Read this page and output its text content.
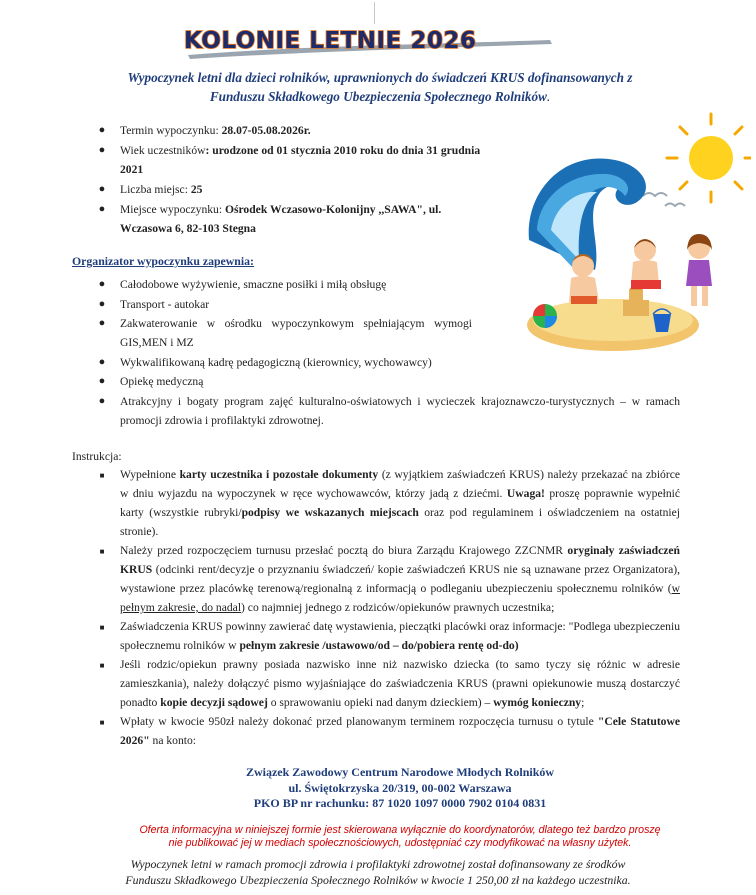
KOLONIE LETNIE 2026
Wypoczynek letni dla dzieci rolników, uprawnionych do świadczeń KRUS dofinansowanych z
Funduszu Składkowego Ubezpieczenia Społecznego Rolników.
● Termin wypoczynku: 28.07-05.08.2026r.
● Wiek uczestników: urodzone od 01 stycznia 2010 roku do dnia 31 grudnia 2021
● Liczba miejsc: 25
● Miejsce wypoczynku: Ośrodek Wczasowo-Kolonijny ,,SAWA", ul. Wczasowa 6, 82-103 Stegna
Organizator wypoczynku zapewnia:
● Całodobowe wyżywienie, smaczne posiłki i miłą obsługę
● Transport - autokar
● Zakwaterowanie w ośrodku wypoczynkowym spełniającym wymogi GIS,MEN i MZ
● Wykwalifikowaną kadrę pedagogiczną (kierownicy, wychowawcy)
● Opiekę medyczną
● Atrakcyjny i bogaty program zajęć kulturalno-oświatowych i wycieczek krajoznawczo-turystycznych – w ramach promocji zdrowia i profilaktyki zdrowotnej.
Instrukcja:
■ Wypełnione karty uczestnika i pozostałe dokumenty (z wyjątkiem zaświadczeń KRUS) należy przekazać na zbiórce w dniu wyjazdu na wypoczynek w ręce wychowawców, którzy jadą z dziećmi. Uwaga! proszę poprawnie wypełnić karty (wszystkie rubryki/podpisy we wskazanych miejscach oraz pod regulaminem i oświadczeniem na ostatniej stronie).
■ Należy przed rozpoczęciem turnusu przesłać pocztą do biura Zarządu Krajowego ZZCNMR oryginały zaświadczeń KRUS (odcinki rent/decyzje o przyznaniu świadczeń/ kopie zaświadczeń KRUS nie są uznawane przez Organizatora), wystawione przez placówkę terenową/regionalną z informacją o podleganiu ubezpieczeniu społecznemu rolników (w pełnym zakresie, do nadal) co najmniej jednego z rodziców/opiekunów prawnych uczestnika;
■ Zaświadczenia KRUS powinny zawierać datę wystawienia, pieczątki placówki oraz informacje: "Podlega ubezpieczeniu społecznemu rolników w pełnym zakresie /ustawowo/od – do/pobiera rentę od-do)
■ Jeśli rodzic/opiekun prawny posiada nazwisko inne niż nazwisko dziecka (to samo tyczy się różnic w adresie zamieszkania), należy dołączyć pismo wyjaśniające do zaświadczenia KRUS (prawni opiekunowie muszą dostarczyć ponadto kopie decyzji sądowej o sprawowaniu opieki nad danym dzieckiem) – wymóg konieczny;
■ Wpłaty w kwocie 950zł należy dokonać przed planowanym terminem rozpoczęcia turnusu o tytule "Cele Statutowe 2026" na konto:
Związek Zawodowy Centrum Narodowe Młodych Rolników
ul. Świętokrzyska 20/319, 00-002 Warszawa
PKO BP nr rachunku: 87 1020 1097 0000 7902 0104 0831
Oferta informacyjna w niniejszej formie jest skierowana wyłącznie do koordynatorów, dlatego też bardzo proszę
nie publikować jej w mediach społecznościowych, udostępniać czy modyfikować na własny użytek.
Wypoczynek letni w ramach promocji zdrowia i profilaktyki zdrowotnej został dofinansowany ze środków
Funduszu Składkowego Ubezpieczenia Społecznego Rolników w kwocie 1 250,00 zł na każdego uczestnika.
